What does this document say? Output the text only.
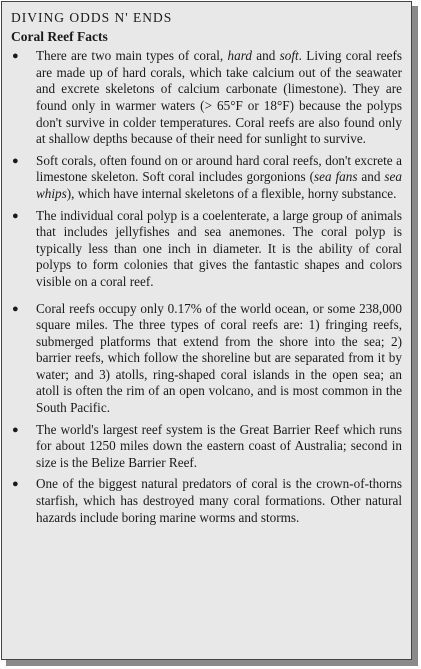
DIVING ODDS N' ENDS
Coral Reef Facts
● There are two main types of coral, hard and soft. Living coral reefs are made up of hard corals, which take calcium out of the seawater and excrete skeletons of calcium carbonate (limestone). They are found only in warmer waters (> 65°F or 18°F) because the polyps don't survive in colder temperatures. Coral reefs are also found only at shallow depths because of their need for sunlight to survive.
● Soft corals, often found on or around hard coral reefs, don't excrete a limestone skeleton. Soft coral includes gorgonions (sea fans and sea whips), which have internal skeletons of a flexible, horny substance.
● The individual coral polyp is a coelenterate, a large group of animals that includes jellyfishes and sea anemones. The coral polyp is typically less than one inch in diameter. It is the ability of coral polyps to form colonies that gives the fantastic shapes and colors visible on a coral reef.
● Coral reefs occupy only 0.17% of the world ocean, or some 238,000 square miles. The three types of coral reefs are: 1) fringing reefs, submerged platforms that extend from the shore into the sea; 2) barrier reefs, which follow the shoreline but are separated from it by water; and 3) atolls, ring-shaped coral islands in the open sea; an atoll is often the rim of an open volcano, and is most common in the South Pacific.
● The world's largest reef system is the Great Barrier Reef which runs for about 1250 miles down the eastern coast of Australia; second in size is the Belize Barrier Reef.
● One of the biggest natural predators of coral is the crown-of-thorns starfish, which has destroyed many coral formations. Other natural hazards include boring marine worms and storms.
